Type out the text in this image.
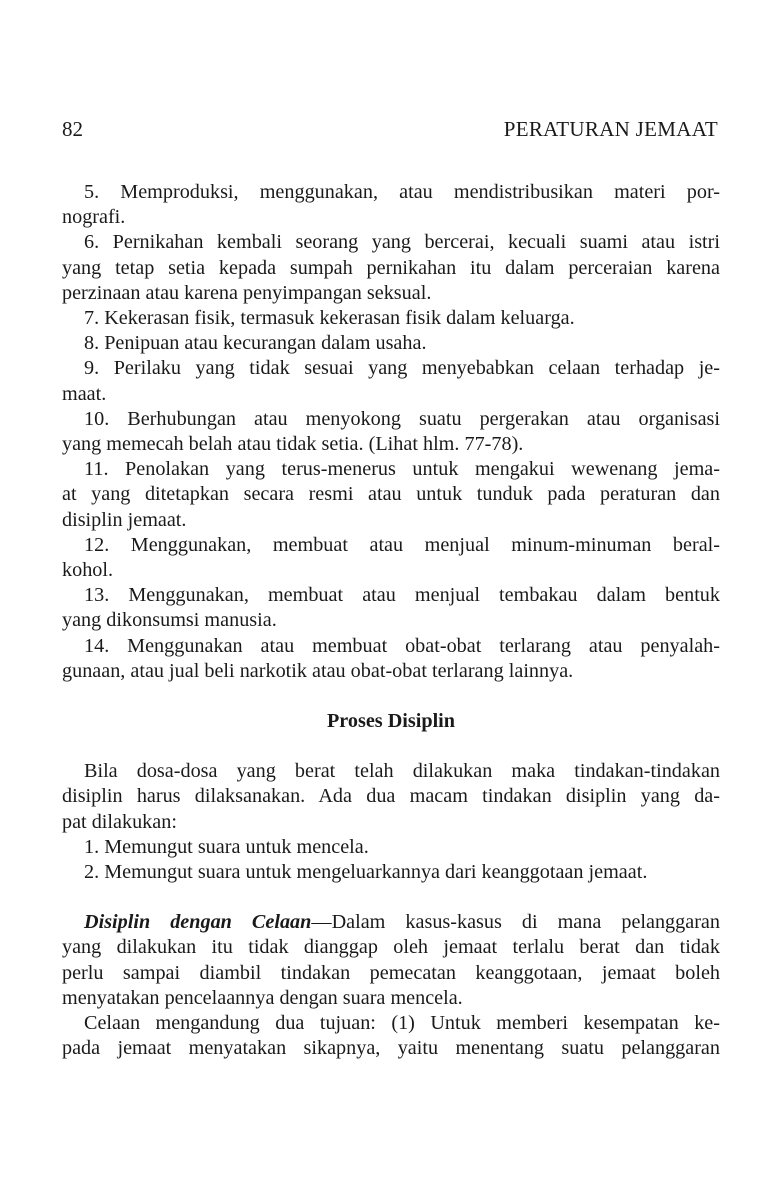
82	PERATURAN JEMAAT
5. Memproduksi, menggunakan, atau mendistribusikan materi por-
nografi.
6. Pernikahan kembali seorang yang bercerai, kecuali suami atau istri
yang tetap setia kepada sumpah pernikahan itu dalam perceraian karena
perzinaan atau karena penyimpangan seksual.
7. Kekerasan fisik, termasuk kekerasan fisik dalam keluarga.
8. Penipuan atau kecurangan dalam usaha.
9. Perilaku yang tidak sesuai yang menyebabkan celaan terhadap je-
maat.
10. Berhubungan atau menyokong suatu pergerakan atau organisasi
yang memecah belah atau tidak setia. (Lihat hlm. 77-78).
11. Penolakan yang terus-menerus untuk mengakui wewenang jema-
at yang ditetapkan secara resmi atau untuk tunduk pada peraturan dan
disiplin jemaat.
12. Menggunakan, membuat atau menjual minum-minuman beral-
kohol.
13. Menggunakan, membuat atau menjual tembakau dalam bentuk
yang dikonsumsi manusia.
14. Menggunakan atau membuat obat-obat terlarang atau penyalah-
gunaan, atau jual beli narkotik atau obat-obat terlarang lainnya.
Proses Disiplin
Bila dosa-dosa yang berat telah dilakukan maka tindakan-tindakan
disiplin harus dilaksanakan. Ada dua macam tindakan disiplin yang da-
pat dilakukan:
1. Memungut suara untuk mencela.
2. Memungut suara untuk mengeluarkannya dari keanggotaan jemaat.
Disiplin dengan Celaan—Dalam kasus-kasus di mana pelanggaran
yang dilakukan itu tidak dianggap oleh jemaat terlalu berat dan tidak
perlu sampai diambil tindakan pemecatan keanggotaan, jemaat boleh
menyatakan pencelaannya dengan suara mencela.
Celaan mengandung dua tujuan: (1) Untuk memberi kesempatan ke-
pada jemaat menyatakan sikapnya, yaitu menentang suatu pelanggaran
